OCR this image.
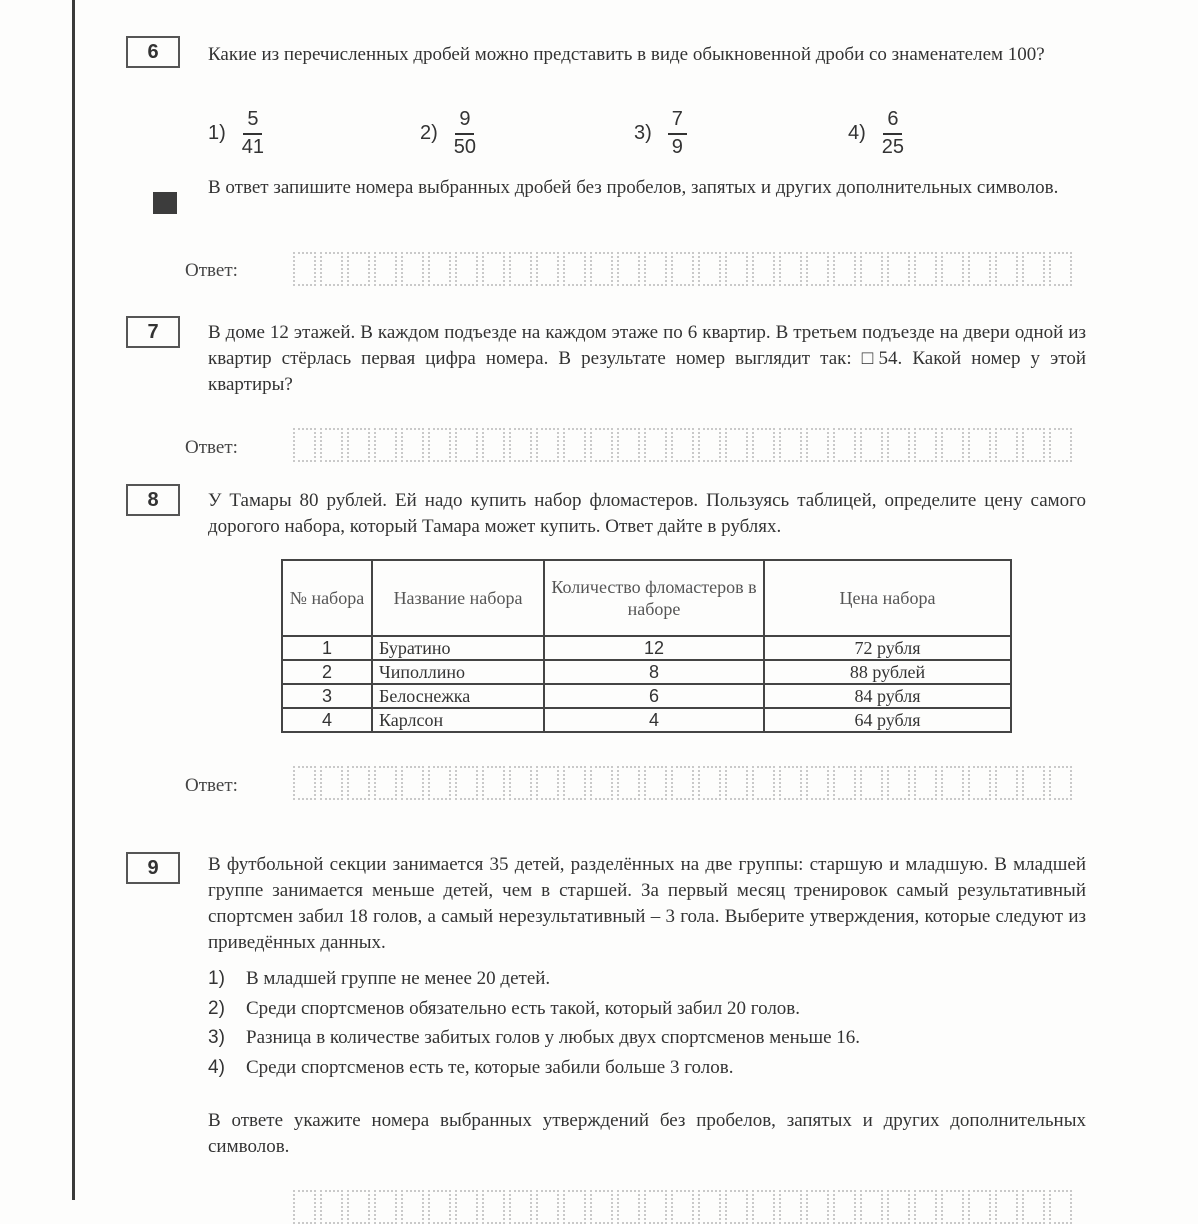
6	Какие из перечисленных дробей можно представить в виде обыкновенной дроби со знаменателем 100?
$1) \frac{5}{41}$	$2) \frac{9}{50}$	$3) \frac{7}{9}$	$4) \frac{6}{25}$
В ответ запишите номера выбранных дробей без пробелов, запятых и других дополнительных символов.
Ответ:
7	В доме 12 этажей. В каждом подъезде на каждом этаже по 6 квартир. В третьем подъезде на двери одной из квартир стёрлась первая цифра номера. В результате номер выглядит так: □54. Какой номер у этой квартиры?
Ответ:
8	У Тамары 80 рублей. Ей надо купить набор фломастеров. Пользуясь таблицей, определите цену самого дорогого набора, который Тамара может купить. Ответ дайте в рублях.
№ набора	Название набора	Количество фломастеров в наборе	Цена набора
1	Буратино	12	72 рубля
2	Чиполлино	8	88 рублей
3	Белоснежка	6	84 рубля
4	Карлсон	4	64 рубля
Ответ:
9	В футбольной секции занимается 35 детей, разделённых на две группы: старшую и младшую. В младшей группе занимается меньше детей, чем в старшей. За первый месяц тренировок самый результативный спортсмен забил 18 голов, а самый нерезультативный – 3 гола. Выберите утверждения, которые следуют из приведённых данных.
1)	В младшей группе не менее 20 детей.
2)	Среди спортсменов обязательно есть такой, который забил 20 голов.
3)	Разница в количестве забитых голов у любых двух спортсменов меньше 16.
4)	Среди спортсменов есть те, которые забили больше 3 голов.
В ответе укажите номера выбранных утверждений без пробелов, запятых и других дополнительных символов.
